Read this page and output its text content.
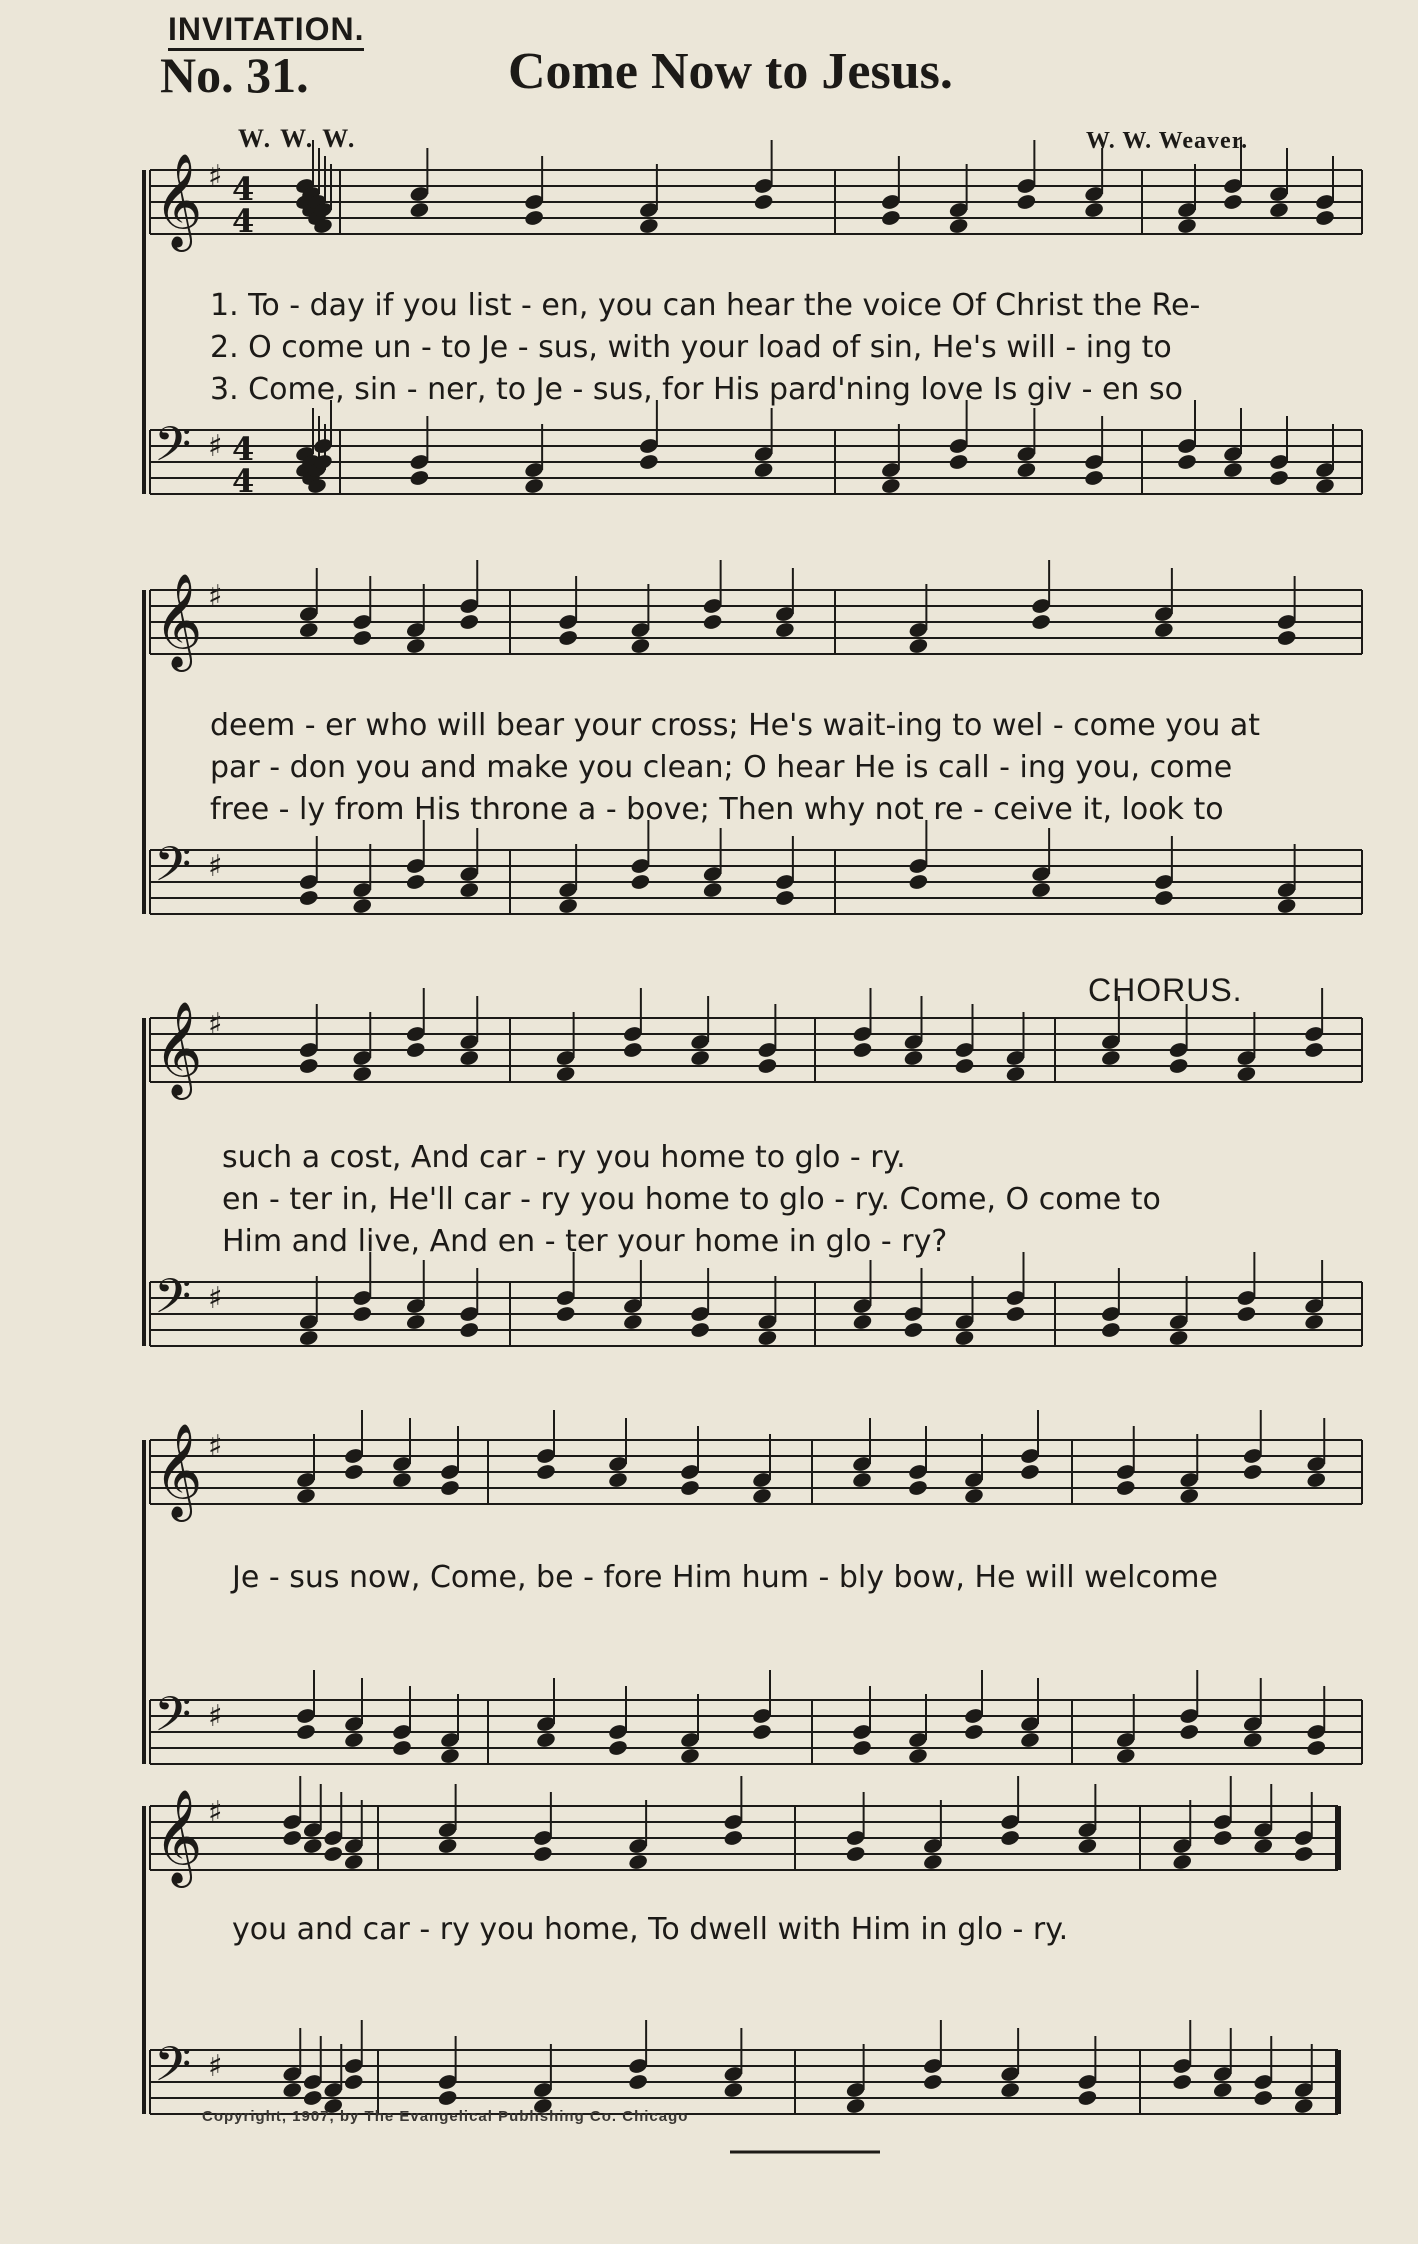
INVITATION.
No. 31.	Come Now to Jesus.
W. W. W.	W. W. Weaver.
𝄞 ♯ 4
4
𝄢 ♯ 4
4
𝄞 ♯
𝄢 ♯
𝄞 ♯
𝄢 ♯
𝄞 ♯
𝄢 ♯
𝄞 ♯
𝄢 ♯
1. To - day if you list - en, you can hear the voice Of Christ the Re-
2. O come un - to Je - sus, with your load of sin, He's will - ing to
3. Come, sin - ner, to Je - sus, for His pard'ning love Is giv - en so
deem - er who will bear your cross; He's wait-ing to wel - come you at
par - don you and make you clean; O hear He is call - ing you, come
free - ly from His throne a - bove; Then why not re - ceive it, look to
CHORUS.
such a cost, And car - ry you home to glo - ry.
en - ter in, He'll car - ry you home to glo - ry. Come, O come to
Him and live, And en - ter your home in glo - ry?
Je - sus now, Come, be - fore Him hum - bly bow, He will welcome
you and car - ry you home, To dwell with Him in glo - ry.
Copyright, 1907, by The Evangelical Publishing Co. Chicago
